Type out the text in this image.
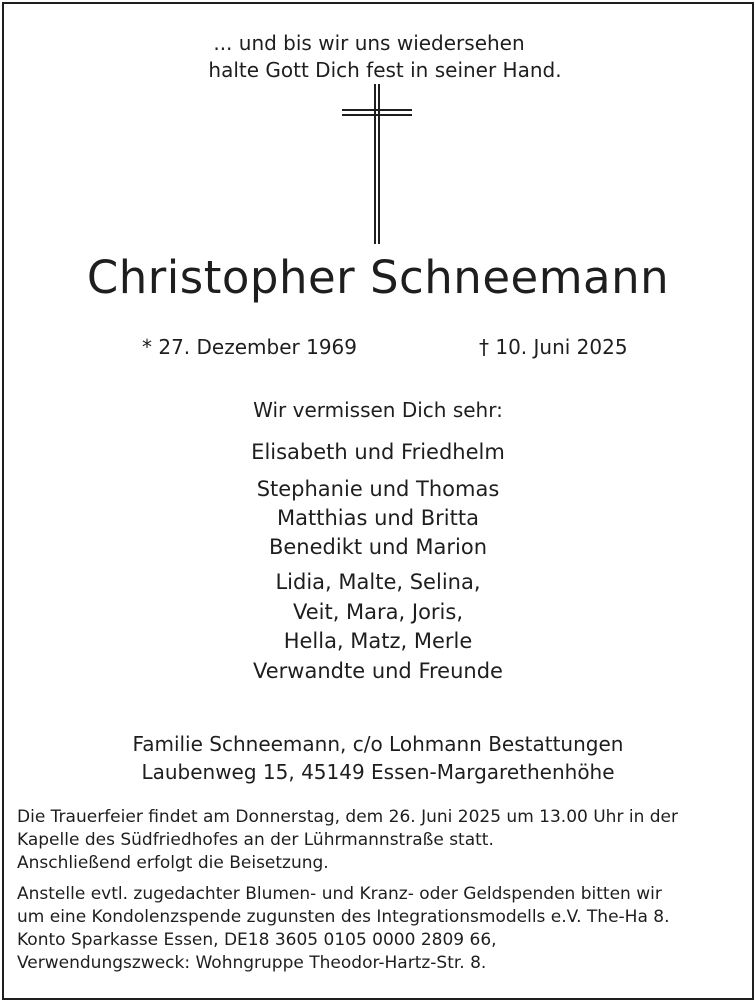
... und bis wir uns wiedersehen
halte Gott Dich fest in seiner Hand.
Christopher Schneemann
* 27. Dezember 1969	† 10. Juni 2025
Wir vermissen Dich sehr:
Elisabeth und Friedhelm
Stephanie und Thomas
Matthias und Britta
Benedikt und Marion
Lidia, Malte, Selina,
Veit, Mara, Joris,
Hella, Matz, Merle
Verwandte und Freunde
Familie Schneemann, c/o Lohmann Bestattungen
Laubenweg 15, 45149 Essen-Margarethenhöhe
Die Trauerfeier findet am Donnerstag, dem 26. Juni 2025 um 13.00 Uhr in der
Kapelle des Südfriedhofes an der Lührmannstraße statt.
Anschließend erfolgt die Beisetzung.
Anstelle evtl. zugedachter Blumen- und Kranz- oder Geldspenden bitten wir
um eine Kondolenzspende zugunsten des Integrationsmodells e.V. The-Ha 8.
Konto Sparkasse Essen, DE18 3605 0105 0000 2809 66,
Verwendungszweck: Wohngruppe Theodor-Hartz-Str. 8.
